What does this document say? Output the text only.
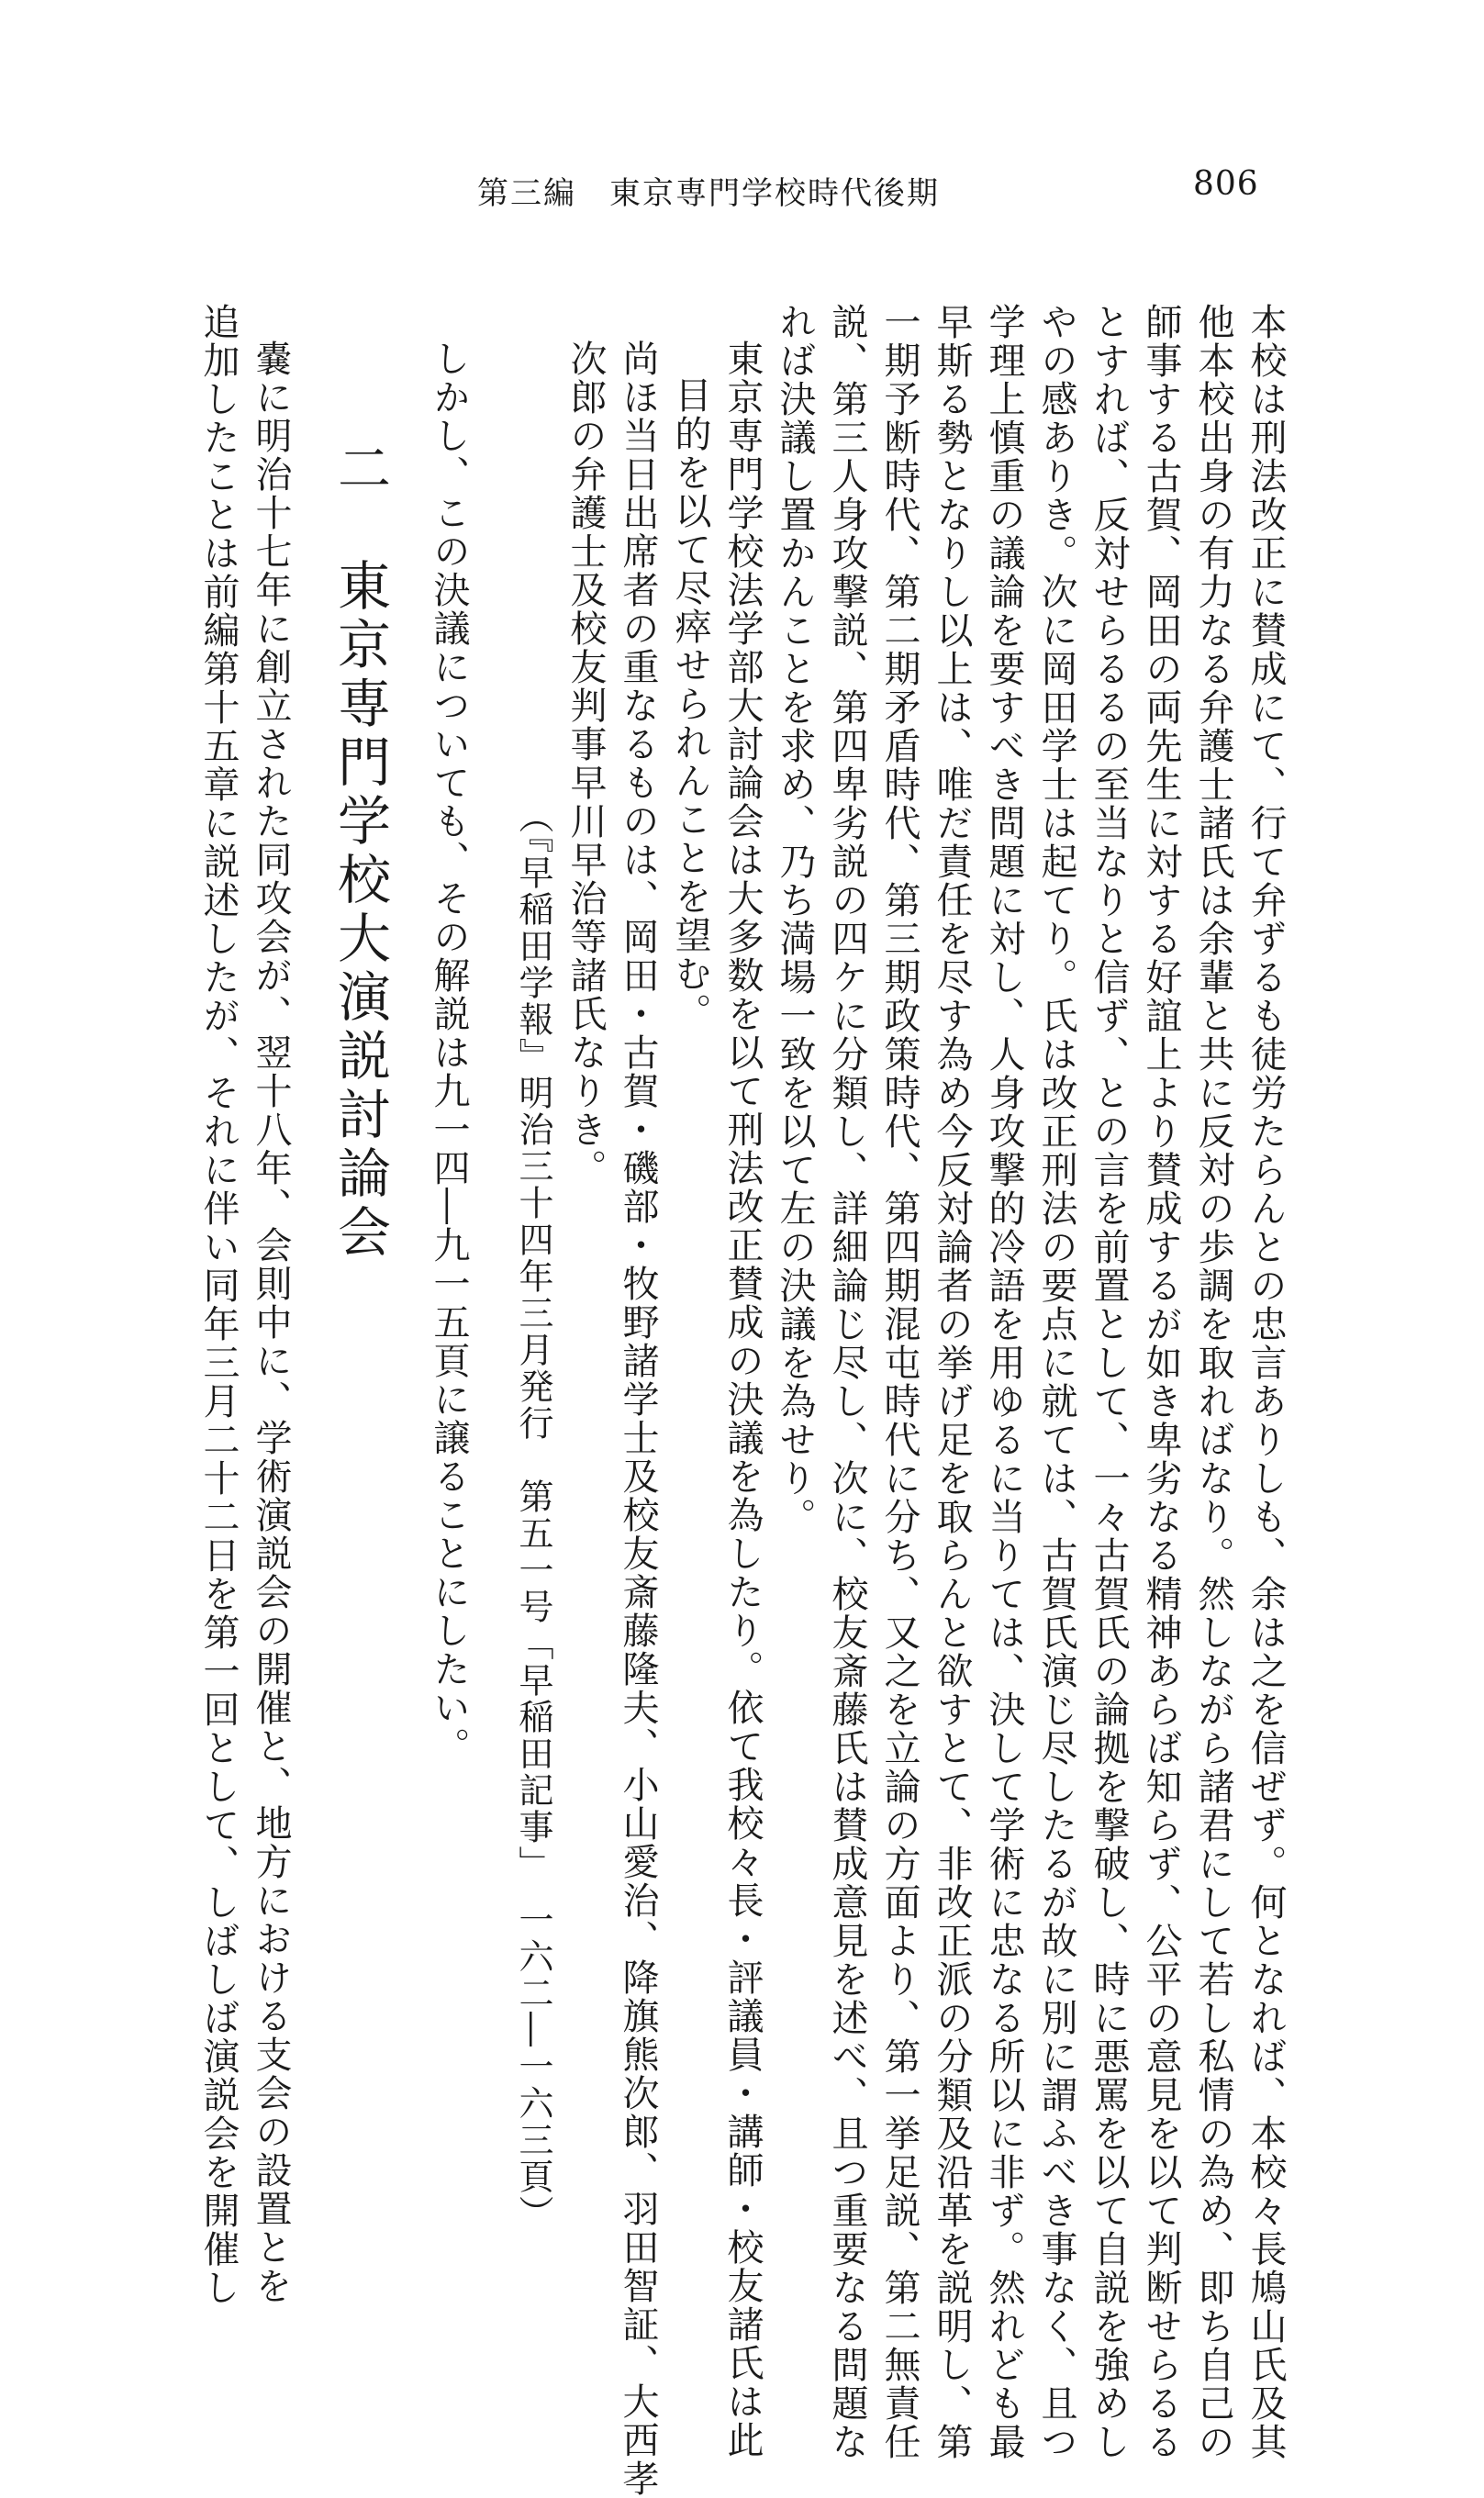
第三編　東京専門学校時代後期	806
本校は刑法改正に賛成にて、行て弁ずるも徒労たらんとの忠言ありしも、余は之を信ぜず。何となれば、本校々長鳩山氏及其
他本校出身の有力なる弁護士諸氏は余輩と共に反対の歩調を取ればなり。然しながら諸君にして若し私情の為め、即ち自己の
師事する古賀、岡田の両先生に対する好誼上より賛成するが如き卑劣なる精神あらば知らず、公平の意見を以て判断せらるる
とすれば、反対せらるるの至当なりと信ず、との言を前置として、一々古賀氏の論拠を撃破し、時に悪罵を以て自説を強めし
やの感ありき。次に岡田学士は起てり。氏は改正刑法の要点に就ては、古賀氏演じ尽したるが故に別に謂ふべき事なく、且つ
学理上慎重の議論を要すべき問題に対し、人身攻撃的冷語を用ゆるに当りては、決して学術に忠なる所以に非ず。然れども最
早斯る勢となりし以上は、唯だ責任を尽す為め今反対論者の挙げ足を取らんと欲すとて、非改正派の分類及沿革を説明し、第
一期予断時代、第二期矛盾時代、第三期政策時代、第四期混屯時代に分ち、又之を立論の方面より、第一挙足説、第二無責任
説、第三人身攻撃説、第四卑劣説の四ケに分類し、詳細論じ尽し、次に、校友斎藤氏は賛成意見を述べ、且つ重要なる問題な
れば決議し置かんことを求め、乃ち満場一致を以て左の決議を為せり。
東京専門学校法学部大討論会は大多数を以て刑法改正賛成の決議を為したり。依て我校々長・評議員・講師・校友諸氏は此
目的を以て尽瘁せられんことを望む。
尚ほ当日出席者の重なるものは、岡田・古賀・磯部・牧野諸学士及校友斎藤隆夫、小山愛治、降旗熊次郎、羽田智証、大西孝
次郎の弁護士及校友判事早川早治等諸氏なりき。
（『早稲田学報』明治三十四年三月発行　第五一号「早稲田記事」　一六二―一六三頁）
しかし、この決議についても、その解説は九一四―九一五頁に譲ることにしたい。
二　東京専門学校大演説討論会
嚢に明治十七年に創立された同攻会が、翌十八年、会則中に、学術演説会の開催と、地方における支会の設置とを
追加したことは前編第十五章に説述したが、それに伴い同年三月二十二日を第一回として、しばしば演説会を開催し
